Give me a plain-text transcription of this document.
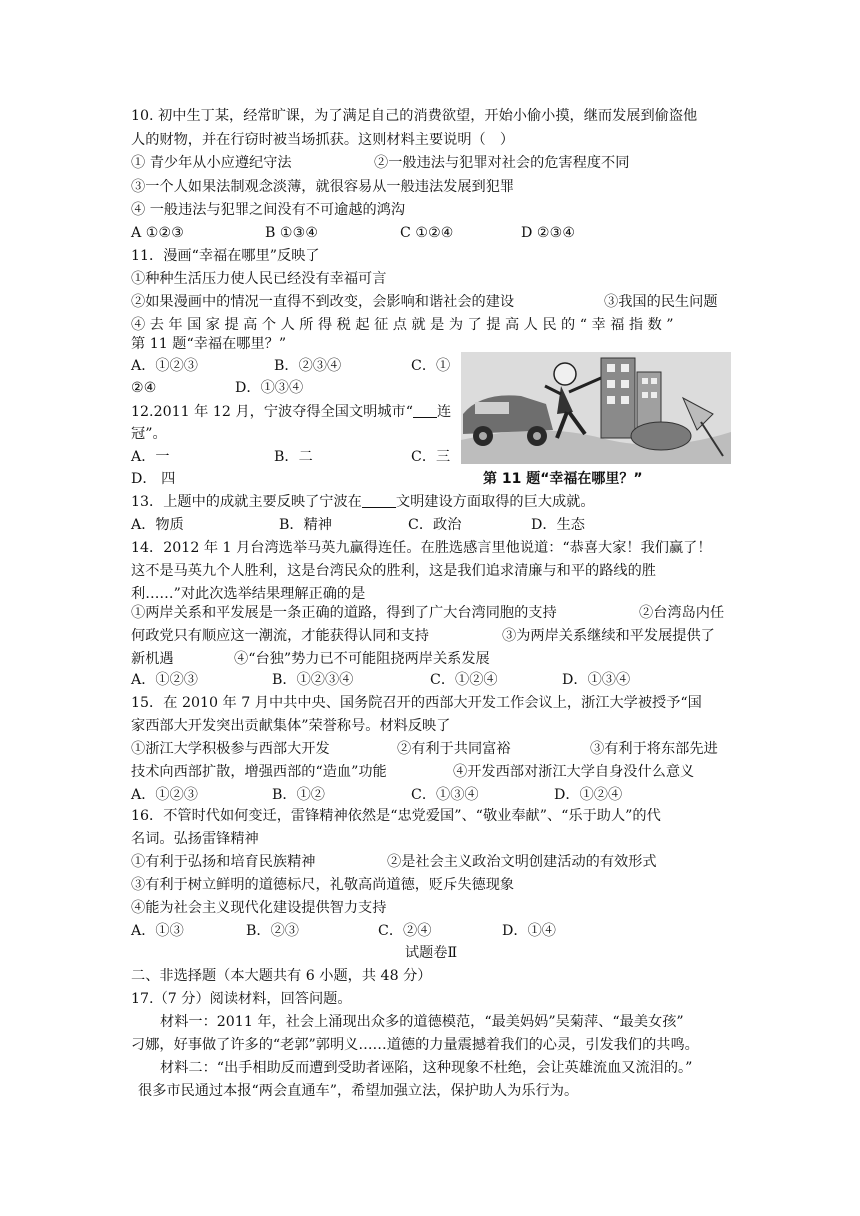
10. 初中生丁某，经常旷课，为了满足自己的消费欲望，开始小偷小摸，继而发展到偷盗他
人的财物，并在行窃时被当场抓获。这则材料主要说明（　）
① 青少年从小应遵纪守法	②一般违法与犯罪对社会的危害程度不同
③一个人如果法制观念淡薄，就很容易从一般违法发展到犯罪
④ 一般违法与犯罪之间没有不可逾越的鸿沟
A ①②③	B ①③④	C ①②④	D ②③④
11．漫画“幸福在哪里”反映了
①种种生活压力使人民已经没有幸福可言
②如果漫画中的情况一直得不到改变，会影响和谐社会的建设	③我国的民生问题
④ 去 年 国 家 提 高 个 人 所 得 税 起 征 点 就 是 为 了 提 高 人 民 的 “ 幸 福 指 数 ”
第 11 题“幸福在哪里？”
A．①②③	B．②③④	C．①
②④	D．①③④
第 11 题“幸福在哪里？”
12.2011 年 12 月，宁波夺得全国文明城市“ 连
冠”。
A．一	B．二	C．三
D． 四
13．上题中的成就主要反映了宁波在 文明建设方面取得的巨大成就。
A．物质	B．精神	C．政治	D．生态
14．2012 年 1 月台湾选举马英九赢得连任。在胜选感言里他说道：“恭喜大家！我们赢了！
这不是马英九个人胜利，这是台湾民众的胜利，这是我们追求清廉与和平的路线的胜
利……”对此次选举结果理解正确的是
①两岸关系和平发展是一条正确的道路，得到了广大台湾同胞的支持	②台湾岛内任
何政党只有顺应这一潮流，才能获得认同和支持	③为两岸关系继续和平发展提供了
新机遇	④“台独”势力已不可能阻挠两岸关系发展
A．①②③	B．①②③④	C．①②④	D．①③④
15．在 2010 年 7 月中共中央、国务院召开的西部大开发工作会议上，浙江大学被授予“国
家西部大开发突出贡献集体”荣誉称号。材料反映了
①浙江大学积极参与西部大开发	②有利于共同富裕	③有利于将东部先进
技术向西部扩散，增强西部的“造血”功能	④开发西部对浙江大学自身没什么意义
A．①②③	B．①②	C．①③④	D．①②④
16．不管时代如何变迁，雷锋精神依然是“忠党爱国”、“敬业奉献”、“乐于助人”的代
名词。弘扬雷锋精神
①有利于弘扬和培育民族精神	②是社会主义政治文明创建活动的有效形式
③有利于树立鲜明的道德标尺，礼敬高尚道德，贬斥失德现象
④能为社会主义现代化建设提供智力支持
A．①③	B．②③	C．②④	D．①④
试题卷Ⅱ
二、非选择题（本大题共有 6 小题，共 48 分）
17.（7 分）阅读材料，回答问题。
材料一：2011 年，社会上涌现出众多的道德模范，“最美妈妈”吴菊萍、“最美女孩”
刁娜，好事做了许多的“老郭”郭明义……道德的力量震撼着我们的心灵，引发我们的共鸣。
材料二：“出手相助反而遭到受助者诬陷，这种现象不杜绝，会让英雄流血又流泪的。”
很多市民通过本报“两会直通车”，希望加强立法，保护助人为乐行为。
